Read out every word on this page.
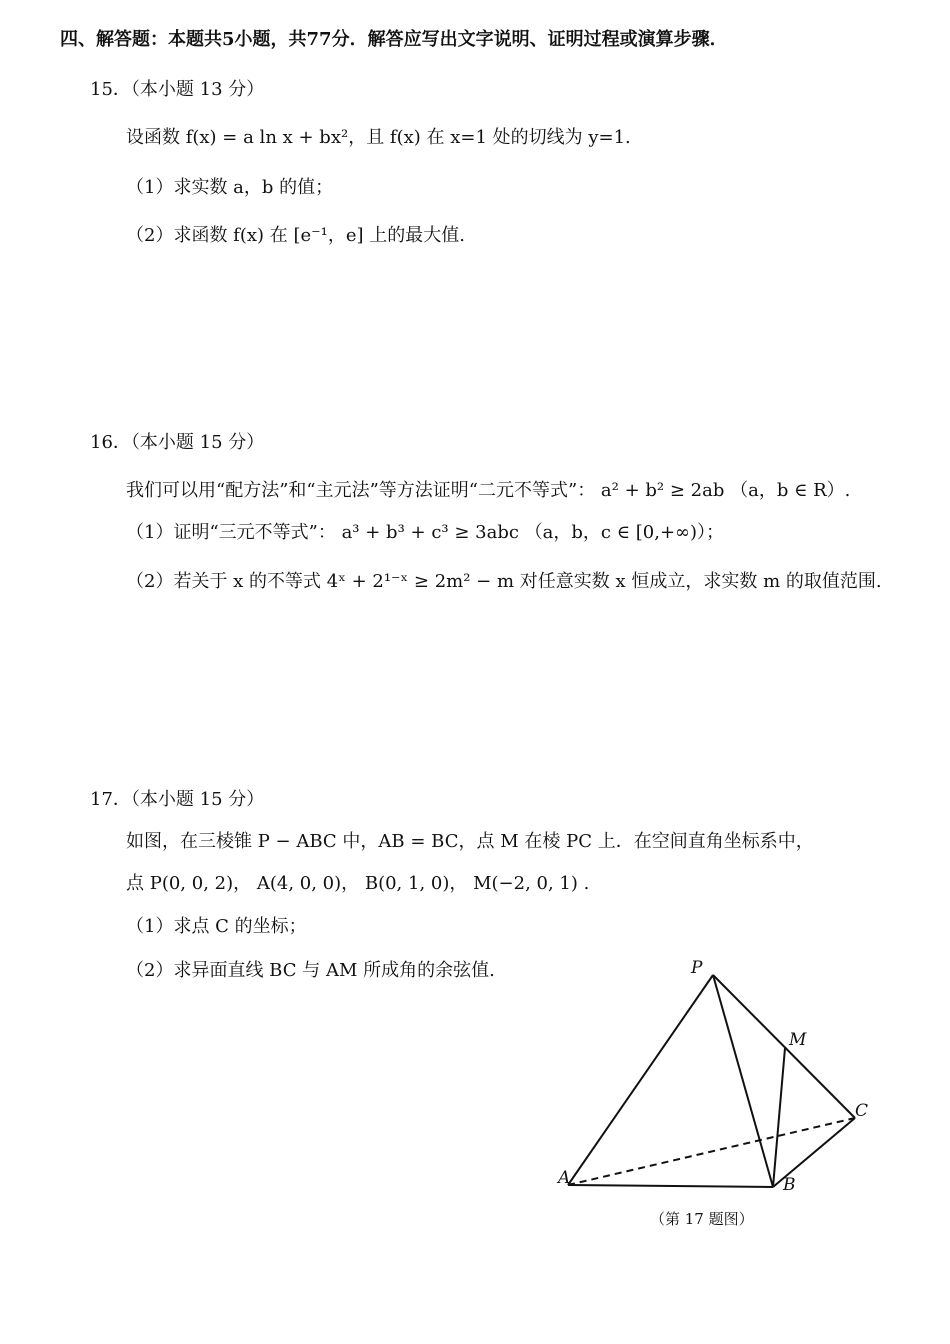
四、解答题：本题共5小题，共77分．解答应写出文字说明、证明过程或演算步骤．
15．（本小题 13 分）
设函数 f(x) = a ln x + bx²，且 f(x) 在 x=1 处的切线为 y=1.
（1）求实数 a，b 的值；
（2）求函数 f(x) 在 [e⁻¹，e] 上的最大值.
16．（本小题 15 分）
我们可以用“配方法”和“主元法”等方法证明“二元不等式”： a² + b² ≥ 2ab （a，b ∈ R）.
（1）证明“三元不等式”： a³ + b³ + c³ ≥ 3abc （a，b，c ∈ [0,+∞)）；
（2）若关于 x 的不等式 4ˣ + 2¹⁻ˣ ≥ 2m² − m 对任意实数 x 恒成立，求实数 m 的取值范围.
17．（本小题 15 分）
如图，在三棱锥 P − ABC 中，AB = BC，点 M 在棱 PC 上．在空间直角坐标系中，
点 P(0, 0, 2)， A(4, 0, 0)， B(0, 1, 0)， M(−2, 0, 1) .
（1）求点 C 的坐标；
（2）求异面直线 BC 与 AM 所成角的余弦值.	P
M
C
A	B
（第 17 题图）
